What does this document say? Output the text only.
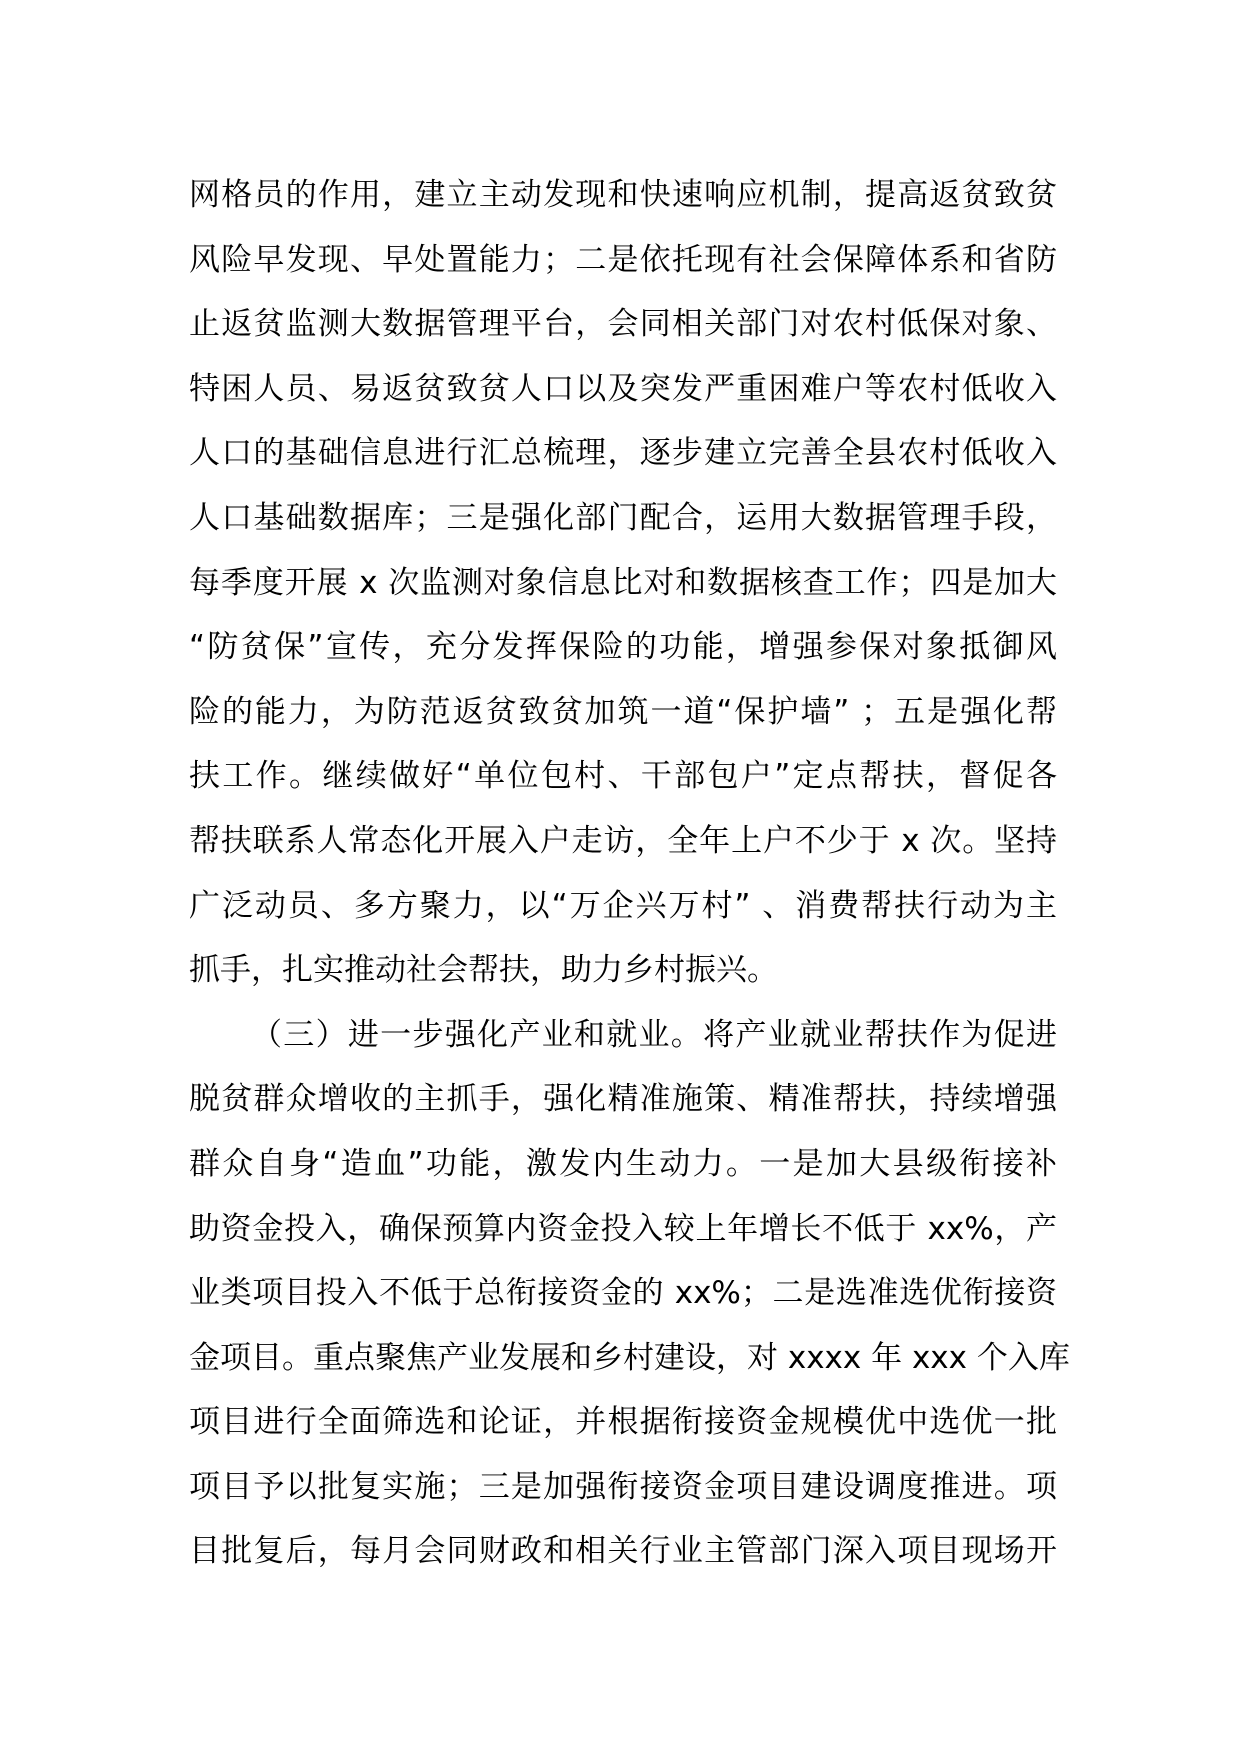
网格员的作用，建立主动发现和快速响应机制，提高返贫致贫
风险早发现、早处置能力；二是依托现有社会保障体系和省防
止返贫监测大数据管理平台，会同相关部门对农村低保对象、
特困人员、易返贫致贫人口以及突发严重困难户等农村低收入
人口的基础信息进行汇总梳理，逐步建立完善全县农村低收入
人口基础数据库；三是强化部门配合，运用大数据管理手段，
每季度开展 x 次监测对象信息比对和数据核查工作；四是加大
“防贫保”宣传，充分发挥保险的功能，增强参保对象抵御风
险的能力，为防范返贫致贫加筑一道“保护墙” ；五是强化帮
扶工作。继续做好“单位包村、干部包户”定点帮扶，督促各
帮扶联系人常态化开展入户走访，全年上户不少于 x 次。坚持
广泛动员、多方聚力，以“万企兴万村” 、消费帮扶行动为主
抓手，扎实推动社会帮扶，助力乡村振兴。
（三）进一步强化产业和就业。将产业就业帮扶作为促进
脱贫群众增收的主抓手，强化精准施策、精准帮扶，持续增强
群众自身“造血”功能，激发内生动力。一是加大县级衔接补
助资金投入，确保预算内资金投入较上年增长不低于 xx%，产
业类项目投入不低于总衔接资金的 xx%；二是选准选优衔接资
金项目。重点聚焦产业发展和乡村建设，对 xxxx 年 xxx 个入库
项目进行全面筛选和论证，并根据衔接资金规模优中选优一批
项目予以批复实施；三是加强衔接资金项目建设调度推进。项
目批复后，每月会同财政和相关行业主管部门深入项目现场开
